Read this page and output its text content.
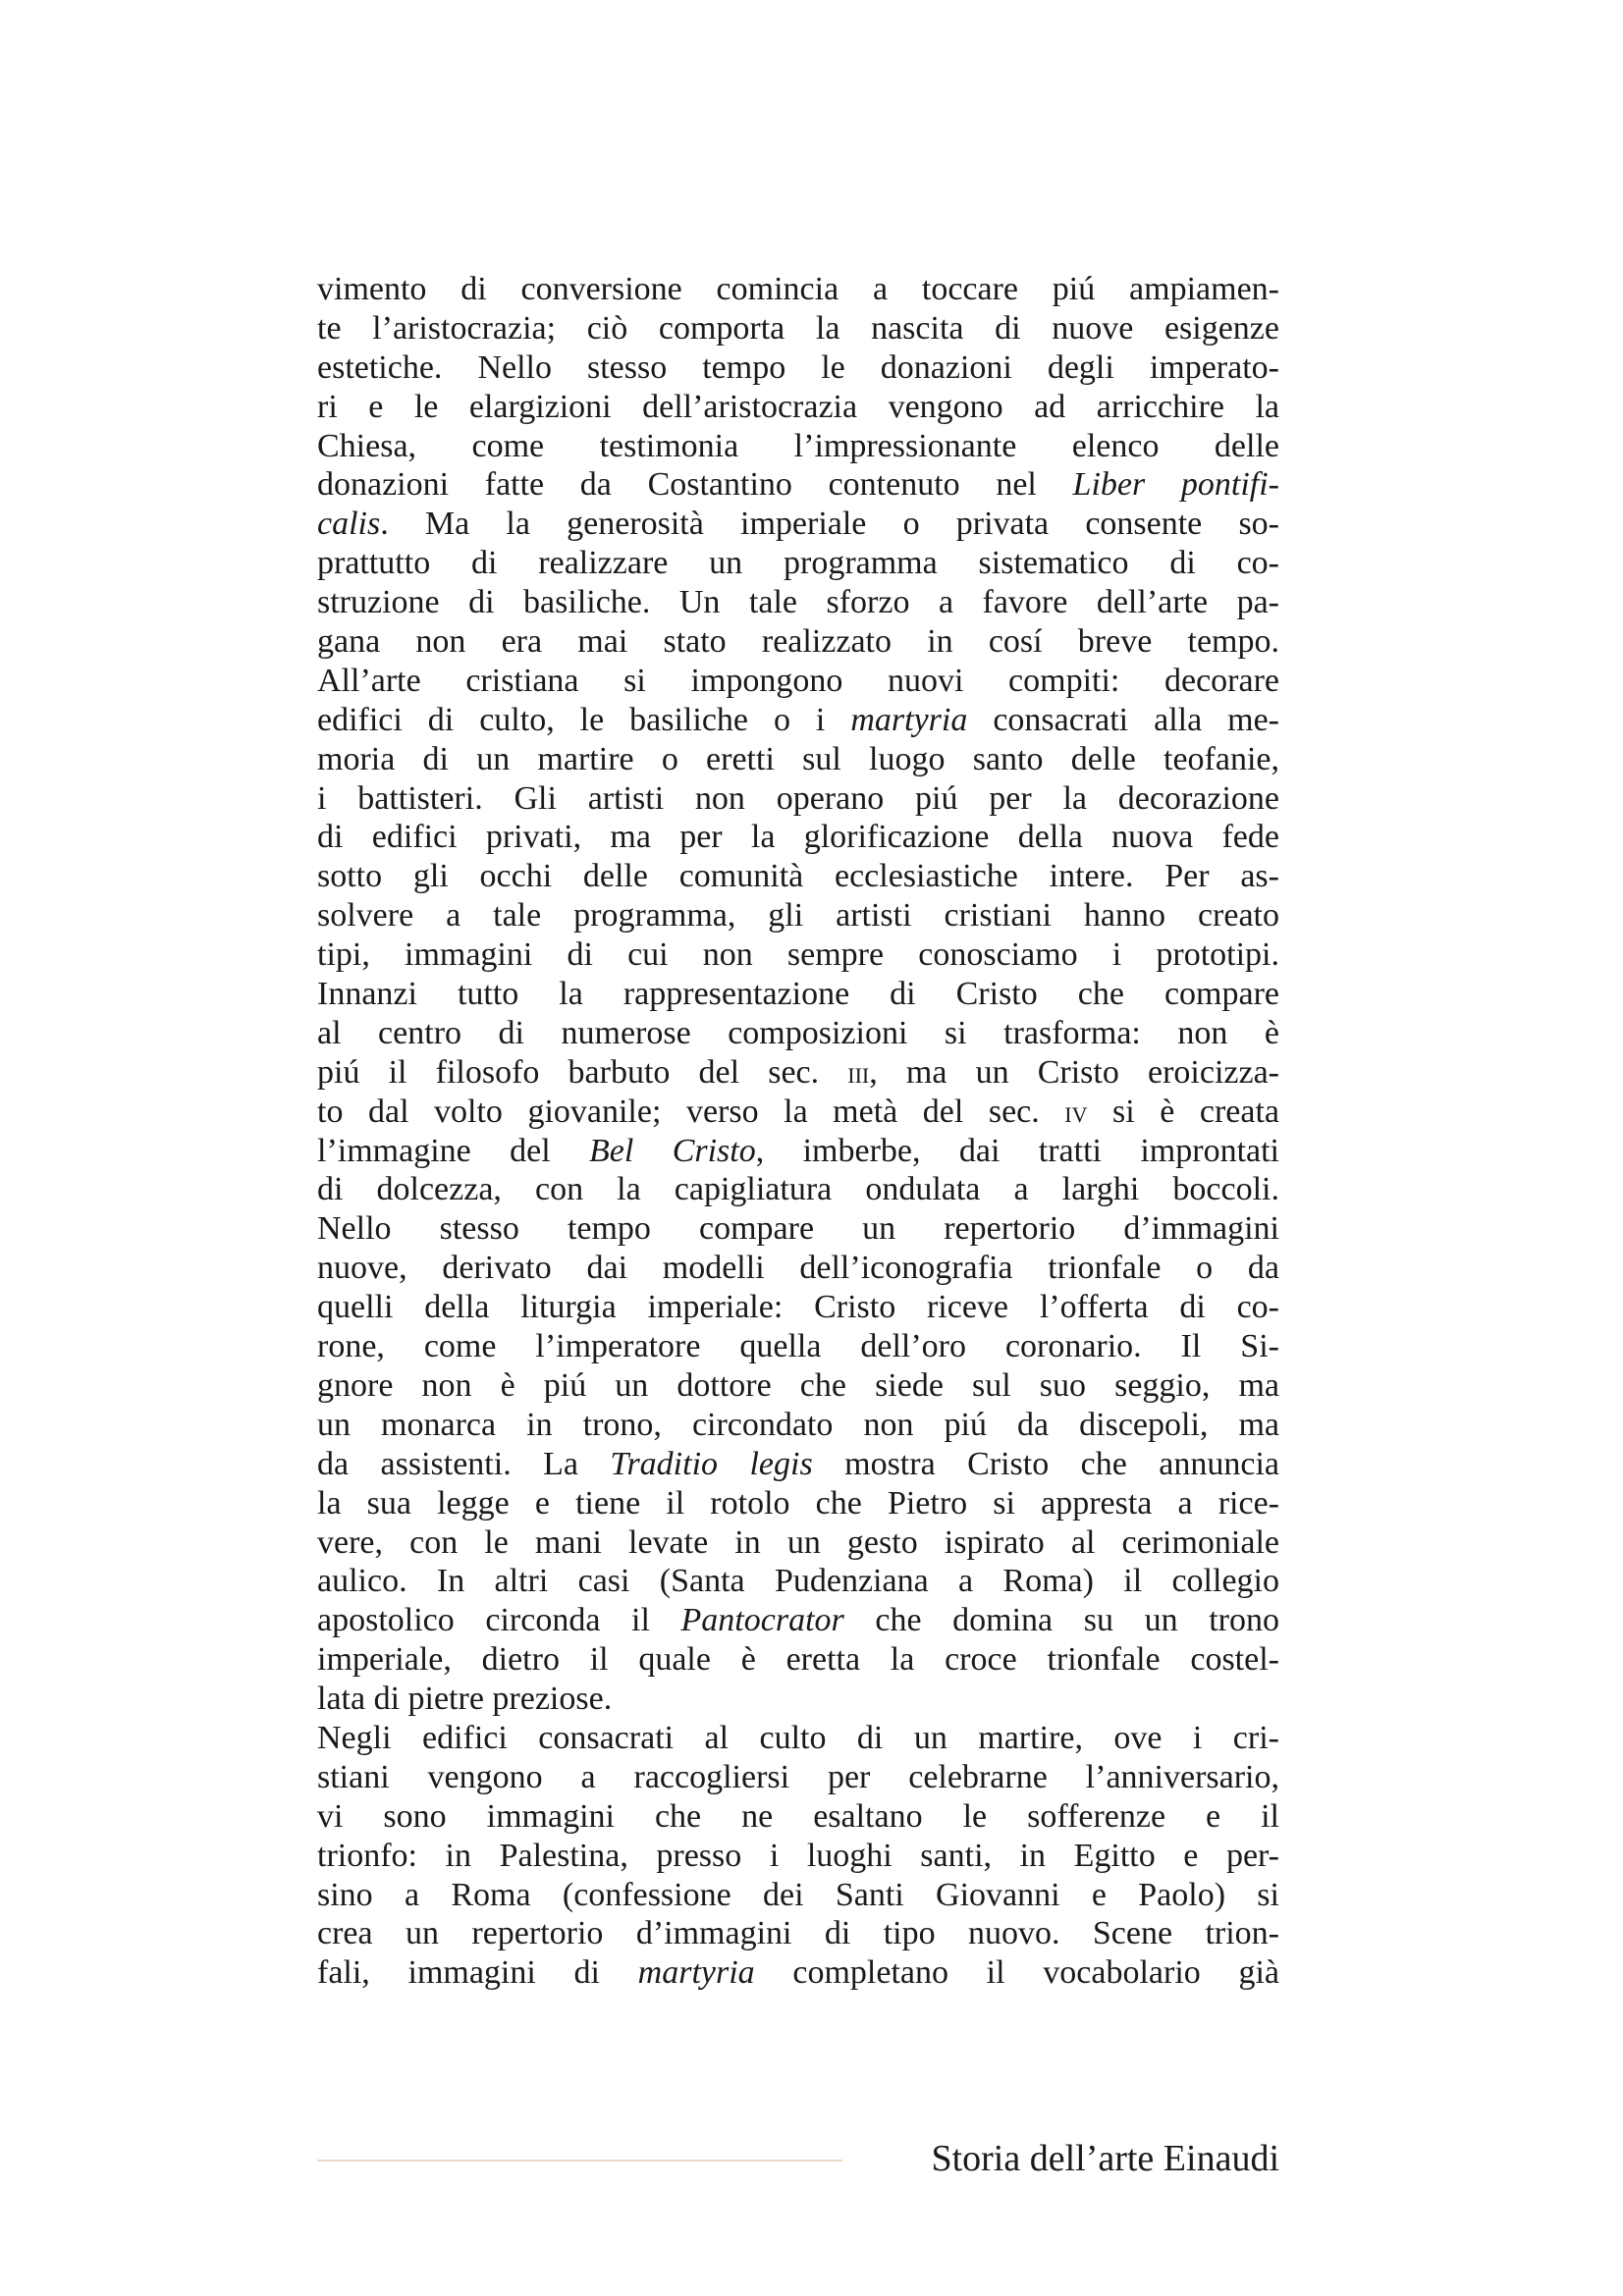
vimento di conversione comincia a toccare piú ampiamen-
te l’aristocrazia; ciò comporta la nascita di nuove esigenze
estetiche. Nello stesso tempo le donazioni degli imperato-
ri e le elargizioni dell’aristocrazia vengono ad arricchire la
Chiesa, come testimonia l’impressionante elenco delle
donazioni fatte da Costantino contenuto nel Liber pontifi-
calis. Ma la generosità imperiale o privata consente so-
prattutto di realizzare un programma sistematico di co-
struzione di basiliche. Un tale sforzo a favore dell’arte pa-
gana non era mai stato realizzato in cosí breve tempo.
All’arte cristiana si impongono nuovi compiti: decorare
edifici di culto, le basiliche o i martyria consacrati alla me-
moria di un martire o eretti sul luogo santo delle teofanie,
i battisteri. Gli artisti non operano piú per la decorazione
di edifici privati, ma per la glorificazione della nuova fede
sotto gli occhi delle comunità ecclesiastiche intere. Per as-
solvere a tale programma, gli artisti cristiani hanno creato
tipi, immagini di cui non sempre conosciamo i prototipi.
Innanzi tutto la rappresentazione di Cristo che compare
al centro di numerose composizioni si trasforma: non è
piú il filosofo barbuto del sec. iii, ma un Cristo eroicizza-
to dal volto giovanile; verso la metà del sec. iv si è creata
l’immagine del Bel Cristo, imberbe, dai tratti improntati
di dolcezza, con la capigliatura ondulata a larghi boccoli.
Nello stesso tempo compare un repertorio d’immagini
nuove, derivato dai modelli dell’iconografia trionfale o da
quelli della liturgia imperiale: Cristo riceve l’offerta di co-
rone, come l’imperatore quella dell’oro coronario. Il Si-
gnore non è piú un dottore che siede sul suo seggio, ma
un monarca in trono, circondato non piú da discepoli, ma
da assistenti. La Traditio legis mostra Cristo che annuncia
la sua legge e tiene il rotolo che Pietro si appresta a rice-
vere, con le mani levate in un gesto ispirato al cerimoniale
aulico. In altri casi (Santa Pudenziana a Roma) il collegio
apostolico circonda il Pantocrator che domina su un trono
imperiale, dietro il quale è eretta la croce trionfale costel-
lata di pietre preziose.
Negli edifici consacrati al culto di un martire, ove i cri-
stiani vengono a raccogliersi per celebrarne l’anniversario,
vi sono immagini che ne esaltano le sofferenze e il
trionfo: in Palestina, presso i luoghi santi, in Egitto e per-
sino a Roma (confessione dei Santi Giovanni e Paolo) si
crea un repertorio d’immagini di tipo nuovo. Scene trion-
fali, immagini di martyria completano il vocabolario già
Storia dell’arte Einaudi
